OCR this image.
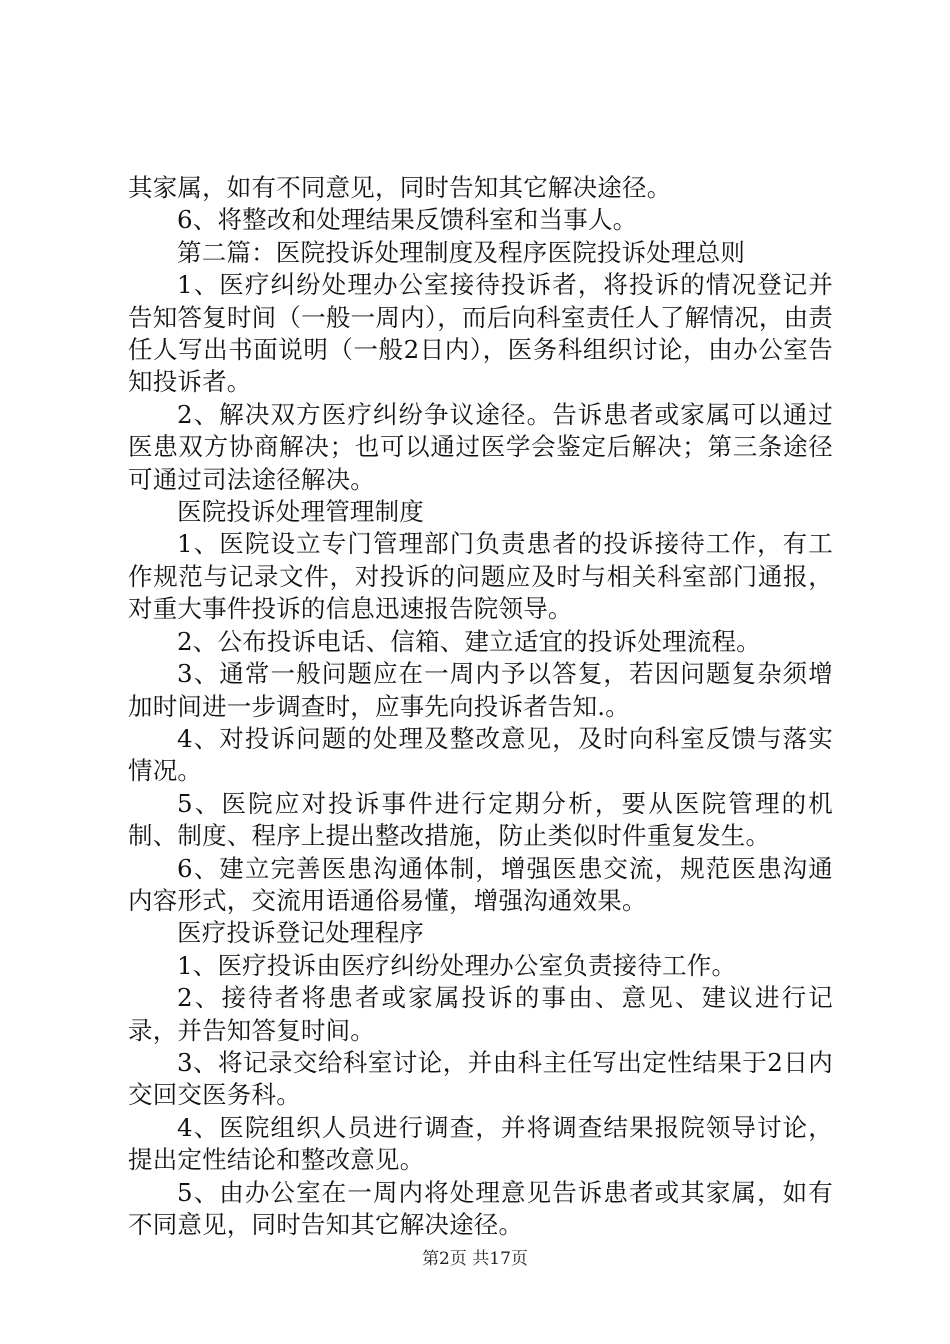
其家属，如有不同意见，同时告知其它解决途径。

6、将整改和处理结果反馈科室和当事人。

第二篇：医院投诉处理制度及程序医院投诉处理总则

1、医疗纠纷处理办公室接待投诉者，将投诉的情况登记并告知答复时间（一般一周内），而后向科室责任人了解情况，由责任人写出书面说明（一般2日内），医务科组织讨论，由办公室告知投诉者。

2、解决双方医疗纠纷争议途径。告诉患者或家属可以通过医患双方协商解决；也可以通过医学会鉴定后解决；第三条途径可通过司法途径解决。

医院投诉处理管理制度

1、医院设立专门管理部门负责患者的投诉接待工作，有工作规范与记录文件，对投诉的问题应及时与相关科室部门通报，对重大事件投诉的信息迅速报告院领导。

2、公布投诉电话、信箱、建立适宜的投诉处理流程。

3、通常一般问题应在一周内予以答复，若因问题复杂须增加时间进一步调查时，应事先向投诉者告知.。

4、对投诉问题的处理及整改意见，及时向科室反馈与落实情况。

5、医院应对投诉事件进行定期分析，要从医院管理的机制、制度、程序上提出整改措施，防止类似时件重复发生。

6、建立完善医患沟通体制，增强医患交流，规范医患沟通内容形式，交流用语通俗易懂，增强沟通效果。

医疗投诉登记处理程序

1、医疗投诉由医疗纠纷处理办公室负责接待工作。

2、接待者将患者或家属投诉的事由、意见、建议进行记录，并告知答复时间。

3、将记录交给科室讨论，并由科主任写出定性结果于2日内交回交医务科。

4、医院组织人员进行调查，并将调查结果报院领导讨论，提出定性结论和整改意见。

5、由办公室在一周内将处理意见告诉患者或其家属，如有不同意见，同时告知其它解决途径。

第2页 共17页
